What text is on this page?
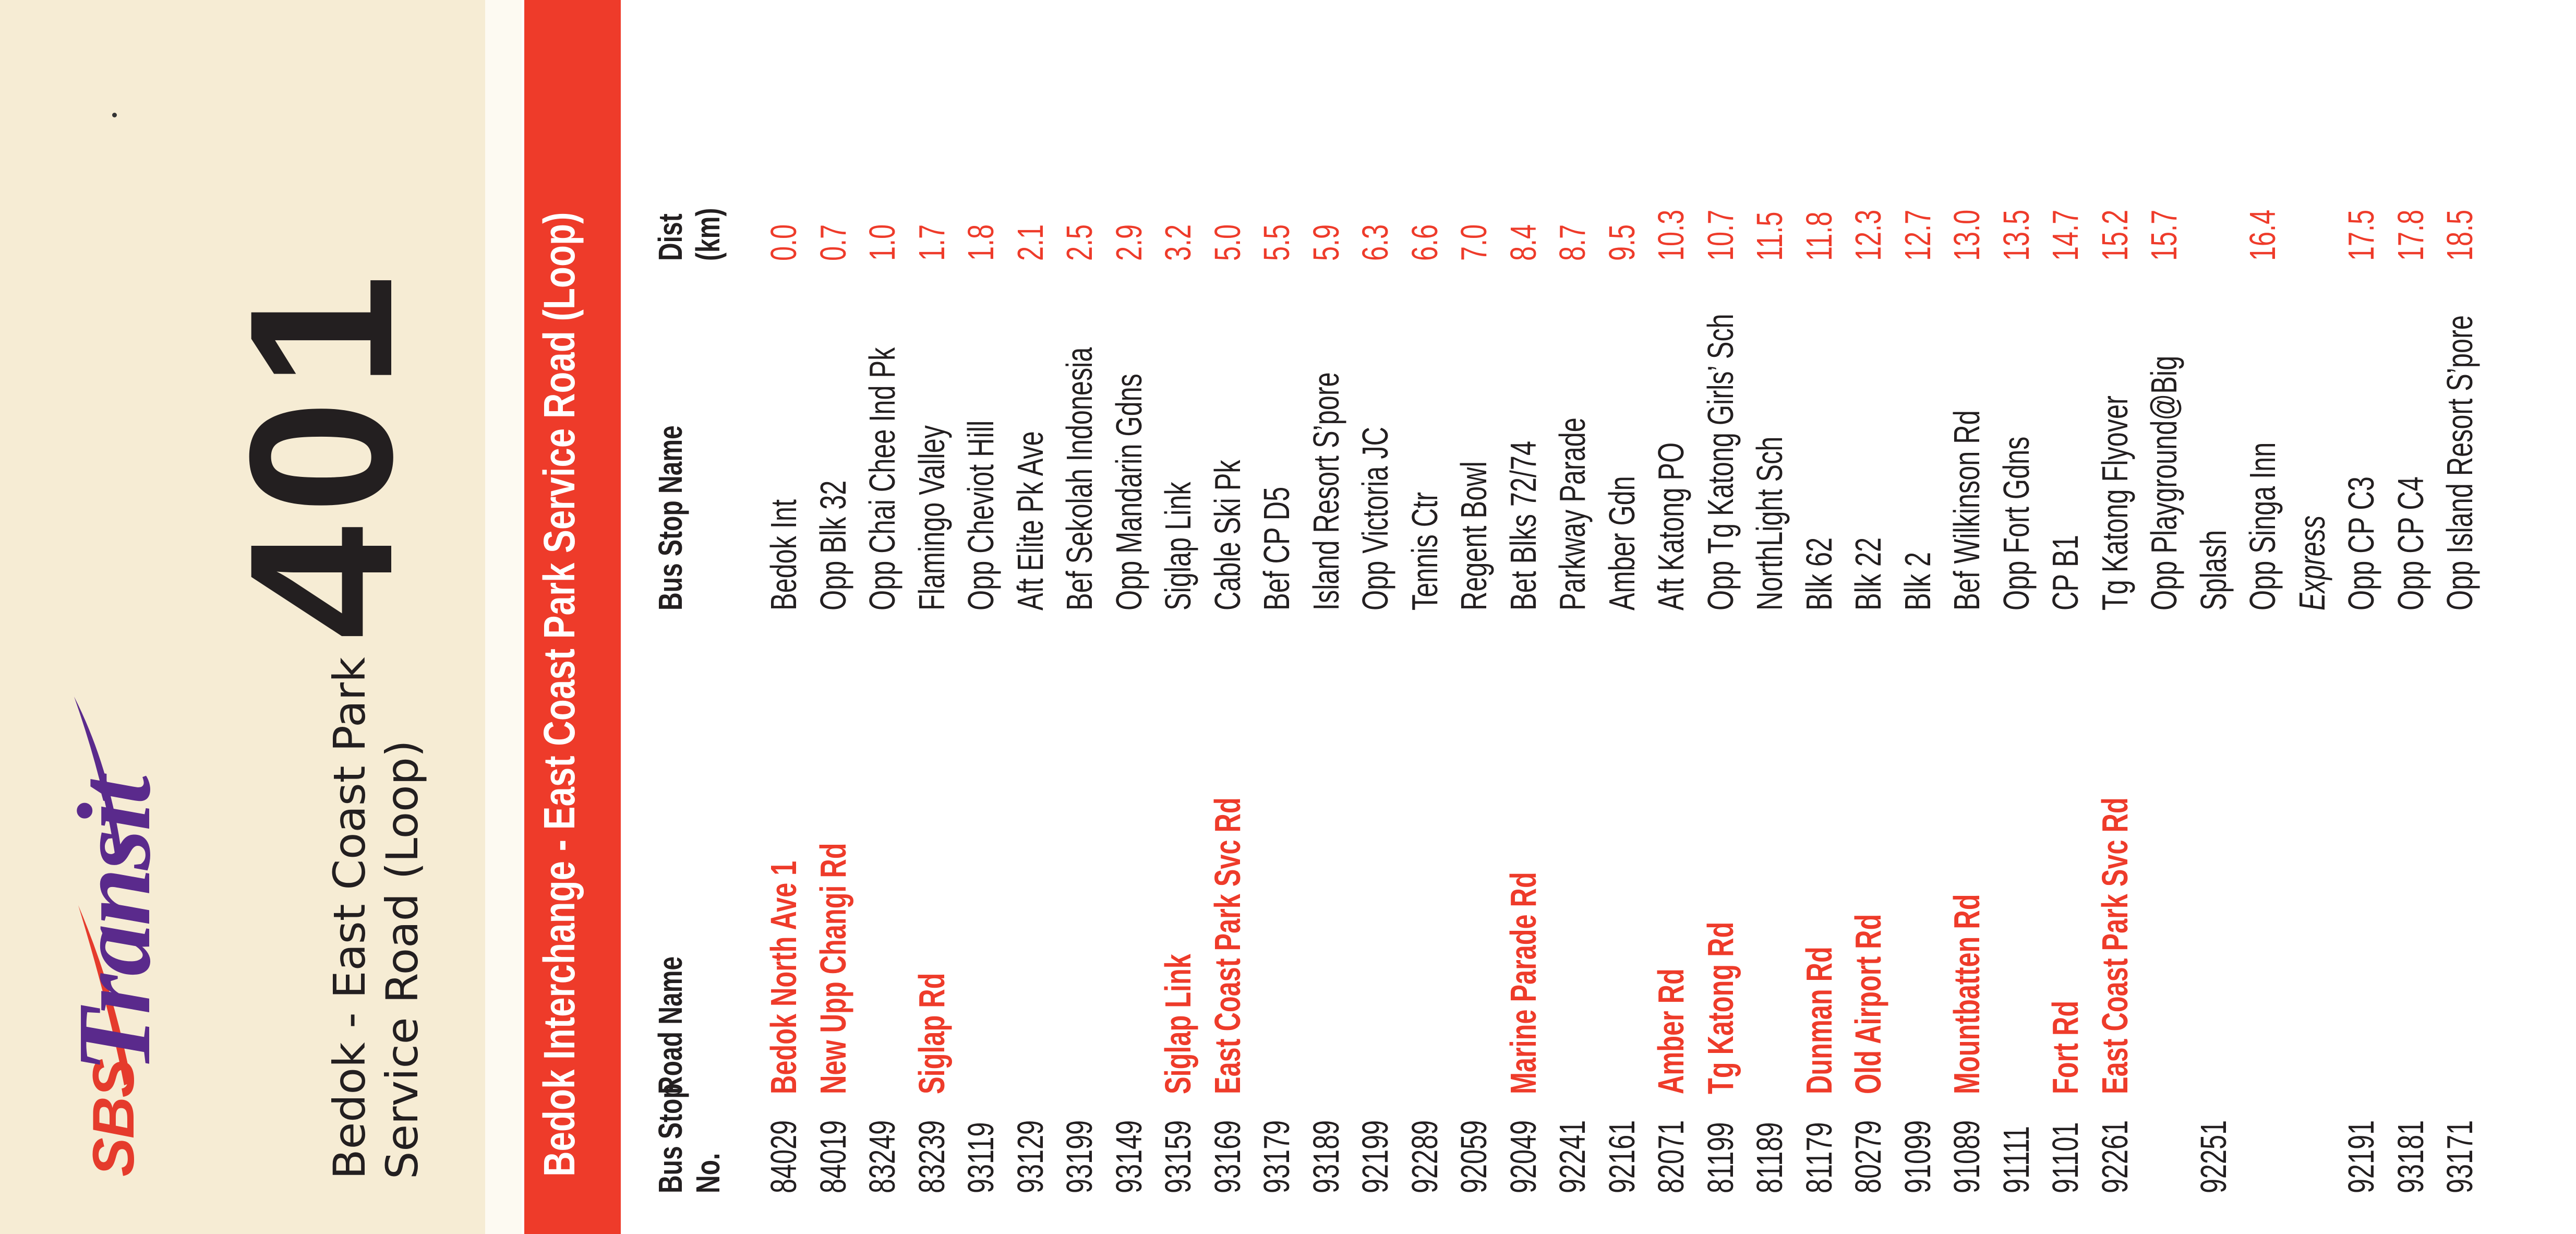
SBS
Transit
401
Bedok - East Coast Park Service Road (Loop) Bedok Interchange - East Coast Park Service Road (Loop) Bus Stop No.
Road Name
Bus Stop Name
Dist (km)
84029
Bedok North Ave 1
Bedok Int
0.0
84019
New Upp Changi Rd
Opp Blk 32
0.7
83249
Opp Chai Chee Ind Pk
1.0
83239
Siglap Rd
Flamingo Valley
1.7
93119
Opp Cheviot Hill
1.8
93129
Aft Elite Pk Ave
2.1
93199
Bef Sekolah Indonesia
2.5
93149
Opp Mandarin Gdns
2.9
93159
Siglap Link
Siglap Link
3.2
93169
East Coast Park Svc Rd
Cable Ski Pk
5.0
93179
Bef CP D5
5.5
93189
Island Resort S’pore
5.9
92199
Opp Victoria JC
6.3
92289
Tennis Ctr
6.6
92059
Regent Bowl
7.0
92049
Marine Parade Rd
Bet Blks 72/74
8.4
92241
Parkway Parade
8.7
92161
Amber Gdn
9.5
82071
Amber Rd
Aft Katong PO
10.3
81199
Tg Katong Rd
Opp Tg Katong Girls’ Sch
10.7
81189
NorthLight Sch
11.5
81179
Dunman Rd
Blk 62
11.8
80279
Old Airport Rd
Blk 22
12.3
91099
Blk 2
12.7
91089
Mountbatten Rd
Bef Wilkinson Rd
13.0
91111
Opp Fort Gdns
13.5
91101
Fort Rd
CP B1
14.7
92261
East Coast Park Svc Rd
Tg Katong Flyover
15.2
Opp Playground@Big
15.7
92251
Splash Opp Singa Inn
16.4
Express
92191
Opp CP C3
17.5
93181
Opp CP C4
17.8
93171
Opp Island Resort S’pore
18.5
